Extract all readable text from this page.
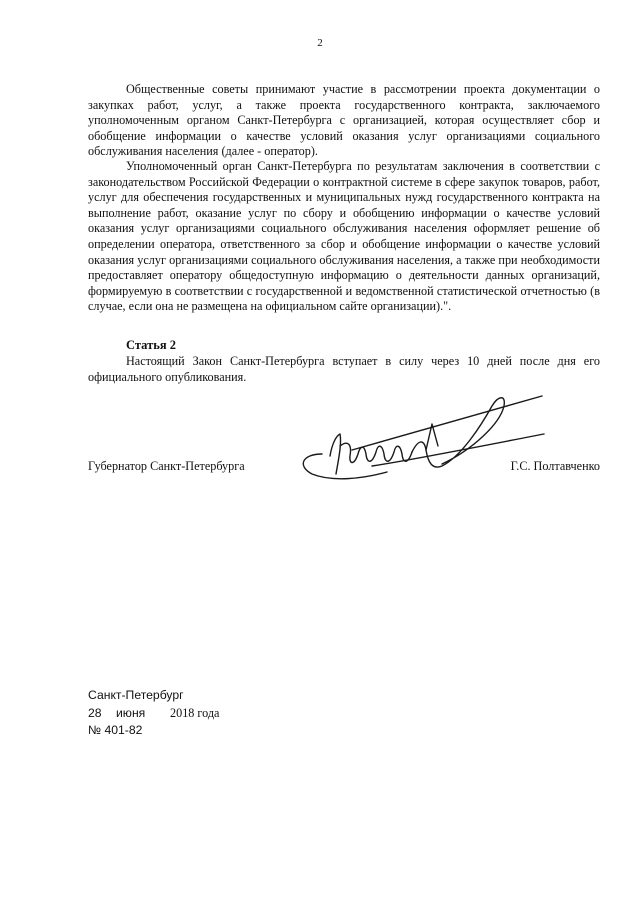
2

Общественные советы принимают участие в рассмотрении проекта документации о закупках работ, услуг, а также проекта государственного контракта, заключаемого уполномоченным органом Санкт-Петербурга с организацией, которая осуществляет сбор и обобщение информации о качестве условий оказания услуг организациями социального обслуживания населения (далее - оператор).

Уполномоченный орган Санкт-Петербурга по результатам заключения в соответствии с законодательством Российской Федерации о контрактной системе в сфере закупок товаров, работ, услуг для обеспечения государственных и муниципальных нужд государственного контракта на выполнение работ, оказание услуг по сбору и обобщению информации о качестве условий оказания услуг организациями социального обслуживания населения оформляет решение об определении оператора, ответственного за сбор и обобщение информации о качестве условий оказания услуг организациями социального обслуживания населения, а также при необходимости предоставляет оператору общедоступную информацию о деятельности данных организаций, формируемую в соответствии с государственной и ведомственной статистической отчетностью (в случае, если она не размещена на официальном сайте организации).".

Статья 2
Настоящий Закон Санкт-Петербурга вступает в силу через 10 дней после дня его официального опубликования.
Губернатор Санкт-Петербурга	Г.С. Полтавченко
Санкт-Петербург
28 июня 2018 года
№ 401-82
